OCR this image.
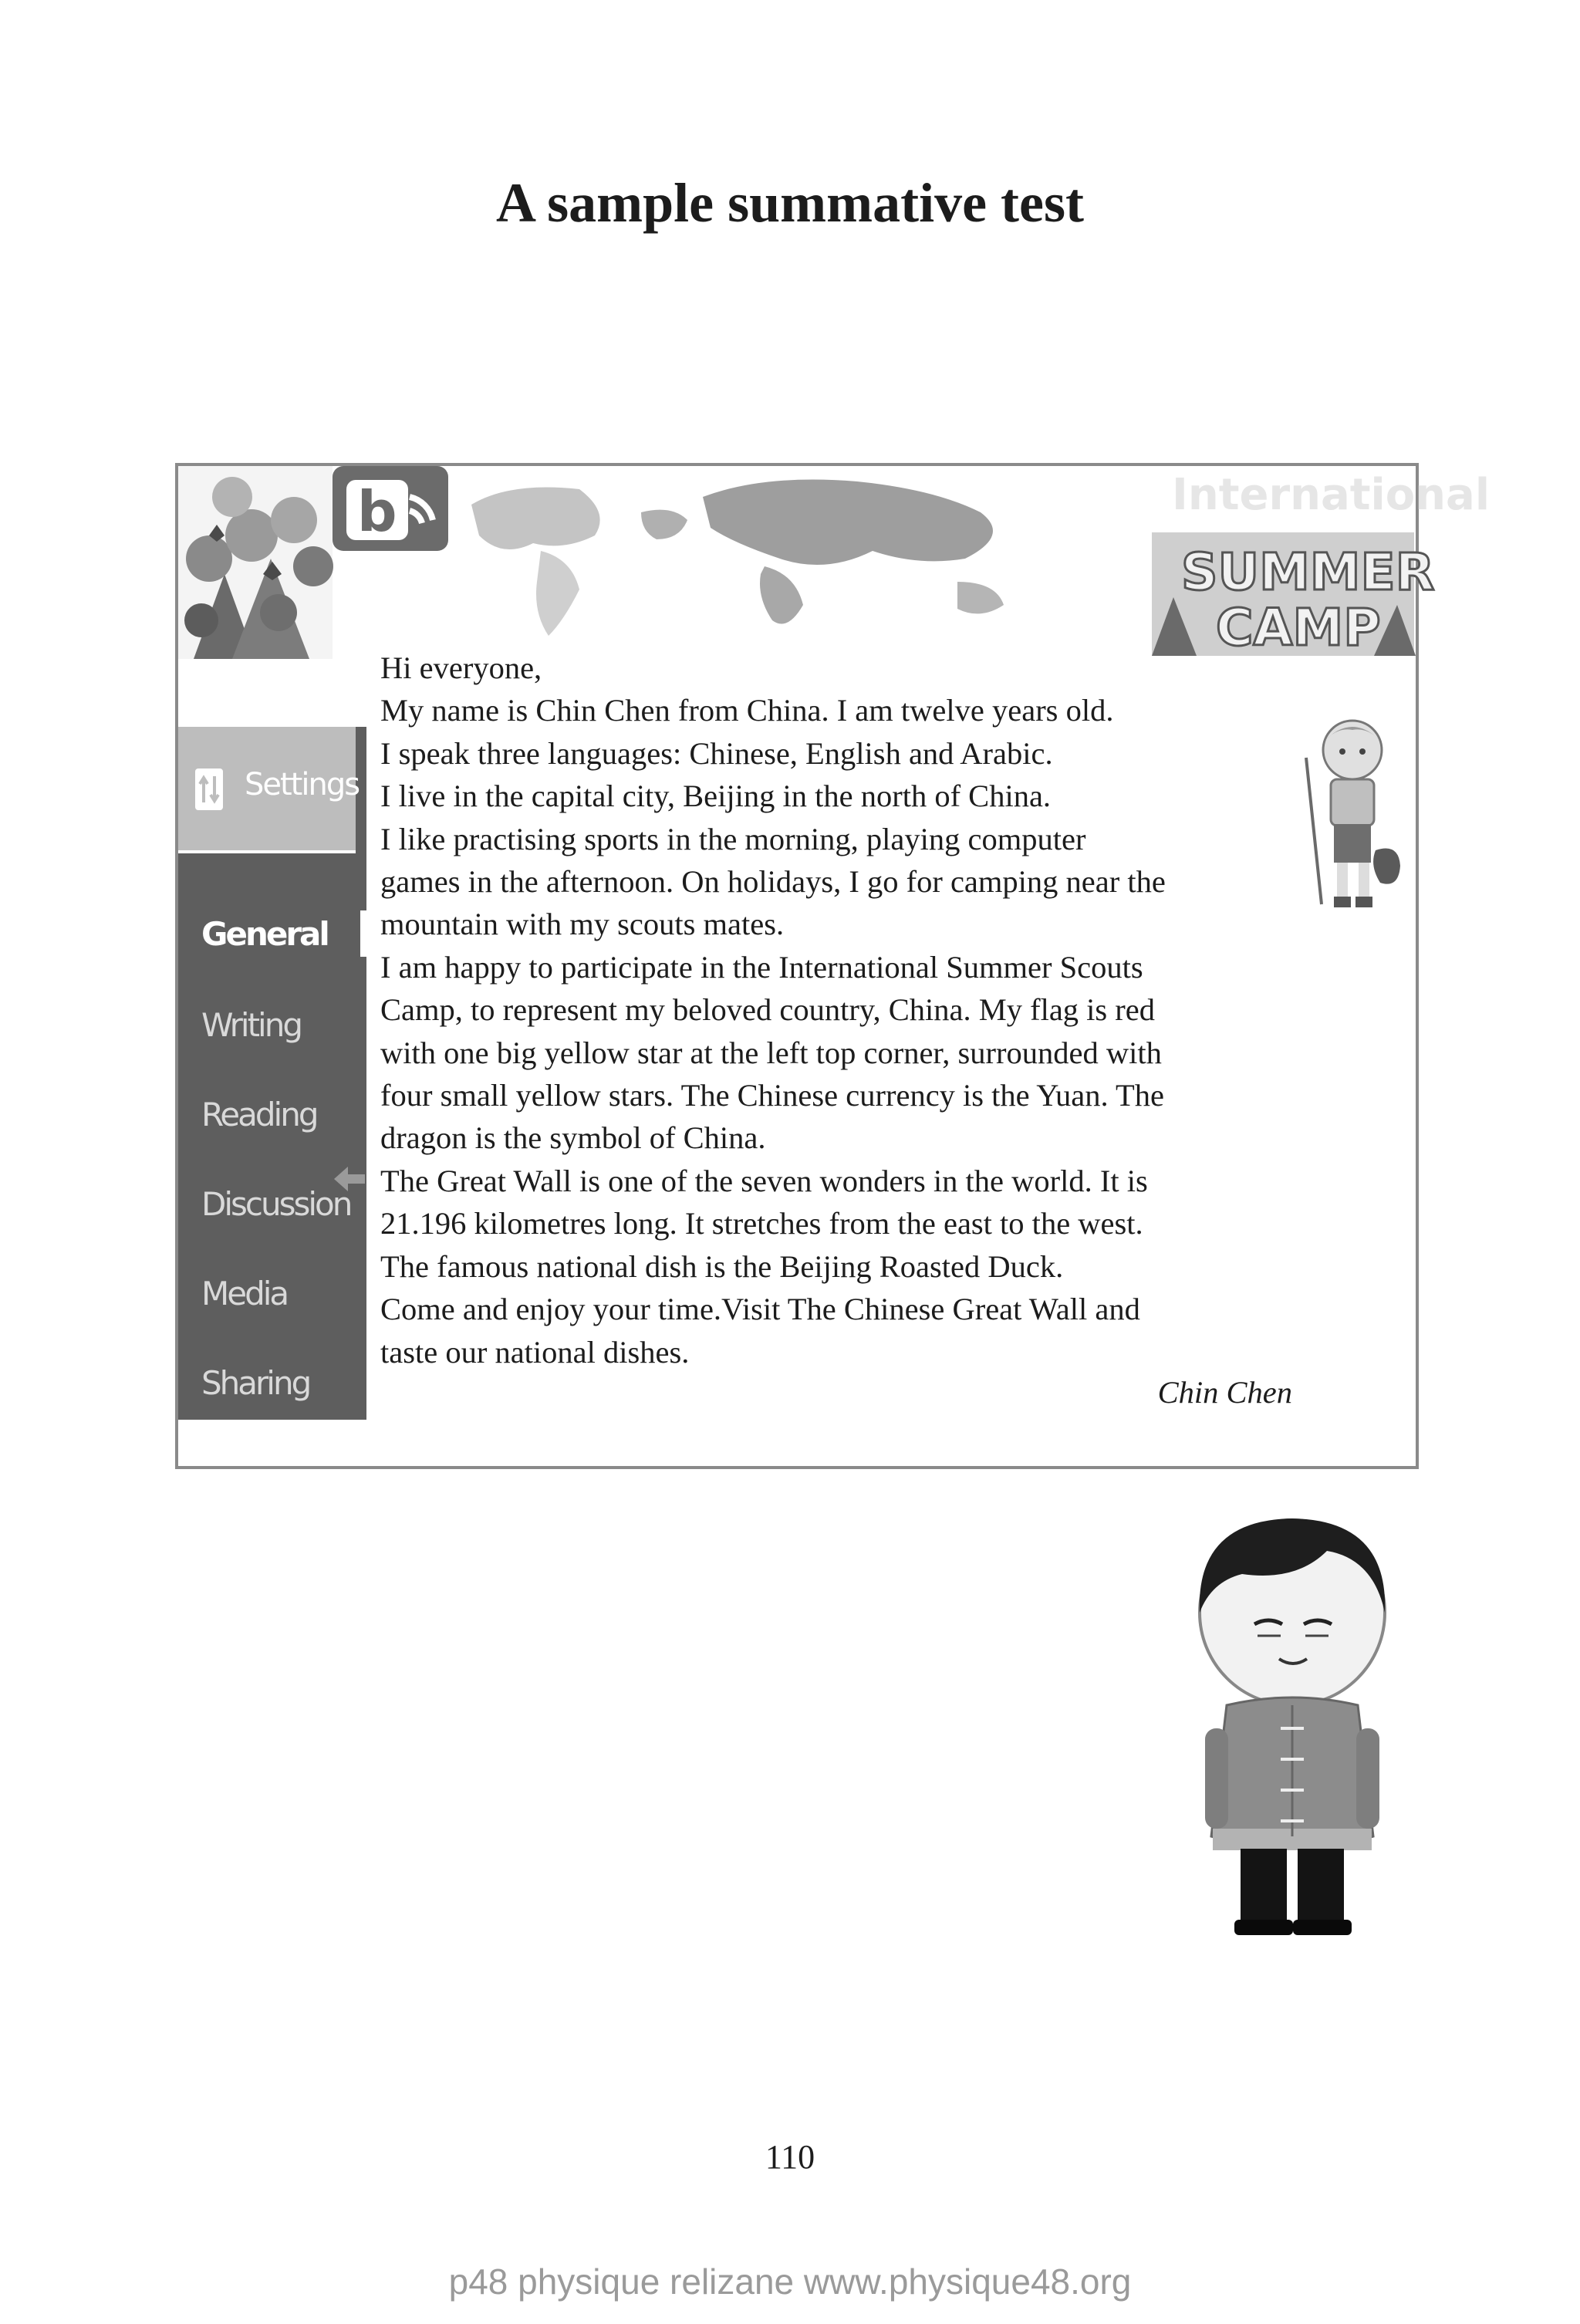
A sample summative test
b	International
SUMMER
CAMP
Settings
General
Writing
Reading
Discussion
Media
Sharing

Hi everyone,

My name is Chin Chen from China. I am twelve years old.

I speak three languages: Chinese, English and Arabic.

I live in the capital city, Beijing in the north of China.

I like practising sports in the morning, playing computer

games in the afternoon. On holidays, I go for camping near the

mountain with my scouts mates.

I am happy to participate in the International Summer Scouts

Camp, to represent my beloved country, China. My flag is red

with one big yellow star at the left top corner, surrounded with

four small yellow stars. The Chinese currency is the Yuan. The

dragon is the symbol of China.

The Great Wall is one of the seven wonders in the world. It is

21.196 kilometres long. It stretches from the east to the west.

The famous national dish is the Beijing Roasted Duck.

Come and enjoy your time.Visit The Chinese Great Wall and

taste our national dishes.

Chin Chen
110
p48 physique relizane www.physique48.org
